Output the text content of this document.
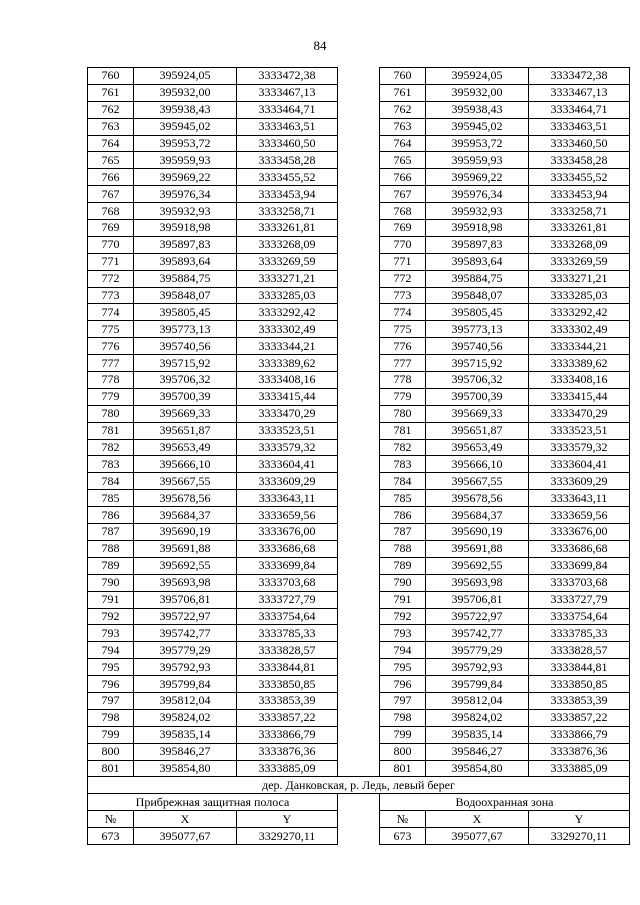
84
760	395924,05	3333472,38		760	395924,05	3333472,38
761	395932,00	3333467,13		761	395932,00	3333467,13
762	395938,43	3333464,71		762	395938,43	3333464,71
763	395945,02	3333463,51		763	395945,02	3333463,51
764	395953,72	3333460,50		764	395953,72	3333460,50
765	395959,93	3333458,28		765	395959,93	3333458,28
766	395969,22	3333455,52		766	395969,22	3333455,52
767	395976,34	3333453,94		767	395976,34	3333453,94
768	395932,93	3333258,71		768	395932,93	3333258,71
769	395918,98	3333261,81		769	395918,98	3333261,81
770	395897,83	3333268,09		770	395897,83	3333268,09
771	395893,64	3333269,59		771	395893,64	3333269,59
772	395884,75	3333271,21		772	395884,75	3333271,21
773	395848,07	3333285,03		773	395848,07	3333285,03
774	395805,45	3333292,42		774	395805,45	3333292,42
775	395773,13	3333302,49		775	395773,13	3333302,49
776	395740,56	3333344,21		776	395740,56	3333344,21
777	395715,92	3333389,62		777	395715,92	3333389,62
778	395706,32	3333408,16		778	395706,32	3333408,16
779	395700,39	3333415,44		779	395700,39	3333415,44
780	395669,33	3333470,29		780	395669,33	3333470,29
781	395651,87	3333523,51		781	395651,87	3333523,51
782	395653,49	3333579,32		782	395653,49	3333579,32
783	395666,10	3333604,41		783	395666,10	3333604,41
784	395667,55	3333609,29		784	395667,55	3333609,29
785	395678,56	3333643,11		785	395678,56	3333643,11
786	395684,37	3333659,56		786	395684,37	3333659,56
787	395690,19	3333676,00		787	395690,19	3333676,00
788	395691,88	3333686,68		788	395691,88	3333686,68
789	395692,55	3333699,84		789	395692,55	3333699,84
790	395693,98	3333703,68		790	395693,98	3333703,68
791	395706,81	3333727,79		791	395706,81	3333727,79
792	395722,97	3333754,64		792	395722,97	3333754,64
793	395742,77	3333785,33		793	395742,77	3333785,33
794	395779,29	3333828,57		794	395779,29	3333828,57
795	395792,93	3333844,81		795	395792,93	3333844,81
796	395799,84	3333850,85		796	395799,84	3333850,85
797	395812,04	3333853,39		797	395812,04	3333853,39
798	395824,02	3333857,22		798	395824,02	3333857,22
799	395835,14	3333866,79		799	395835,14	3333866,79
800	395846,27	3333876,36		800	395846,27	3333876,36
801	395854,80	3333885,09		801	395854,80	3333885,09
дер. Данковская, р. Ледь, левый берег						
Прибрежная защитная полоса				Водоохранная зона		
№	X	Y		№	X	Y
673	395077,67	3329270,11		673	395077,67	3329270,11
